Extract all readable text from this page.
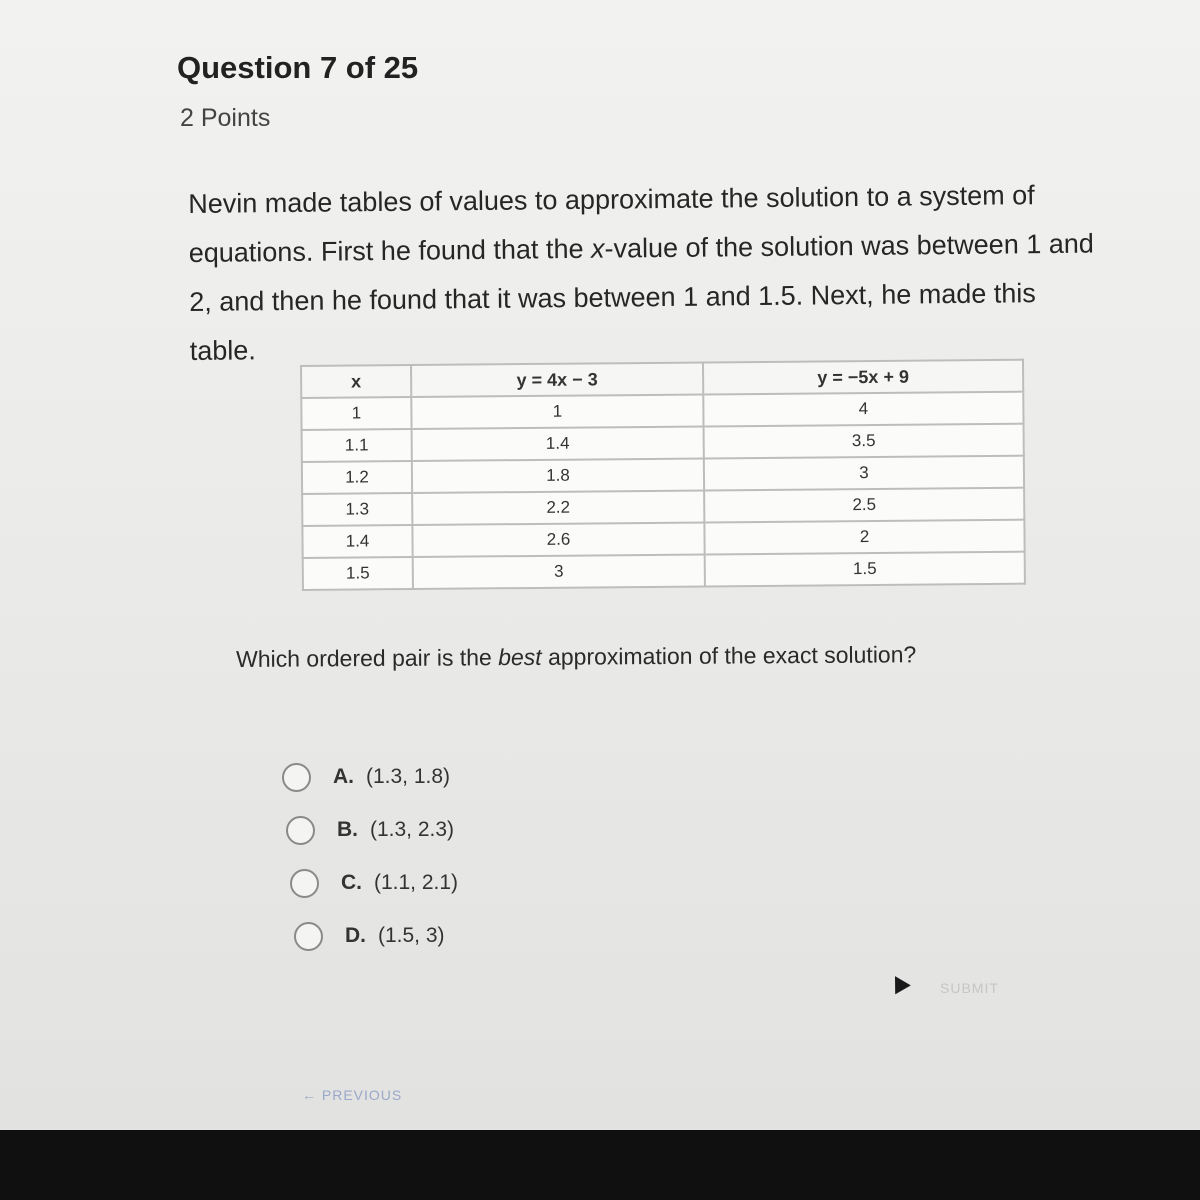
Question 7 of 25
2 Points

Nevin made tables of values to approximate the solution to a system of

equations. First he found that the x-value of the solution was between 1 and

2, and then he found that it was between 1 and 1.5. Next, he made this table.

x	y = 4x − 3	y = −5x + 9
1	1	4
1.1	1.4	3.5
1.2	1.8	3
1.3	2.2	2.5
1.4	2.6	2
1.5	3	1.5
Which ordered pair is the best approximation of the exact solution?
A. (1.3, 1.8)
B. (1.3, 2.3)
C. (1.1, 2.1)
D. (1.5, 3)
SUBMIT
← PREVIOUS
